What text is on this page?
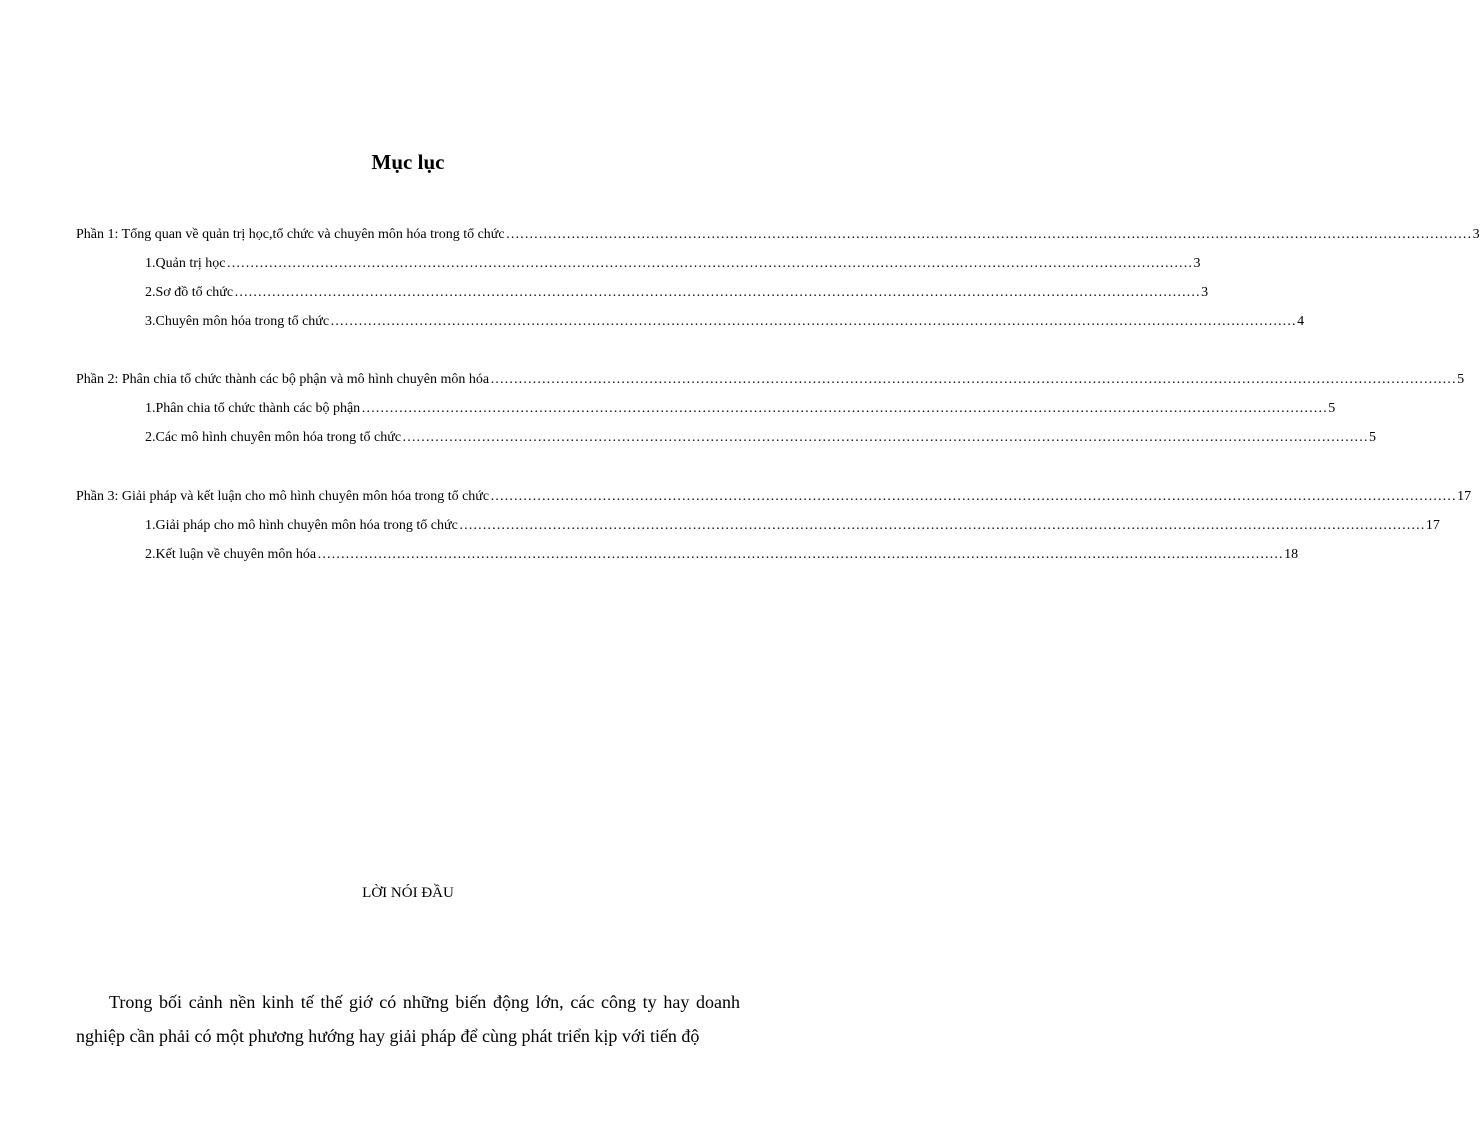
Mục lục
Phần 1: Tổng quan về quản trị học,tổ chức và chuyên môn hóa trong tổ chức ……………………………………………………………………………………………………………………………………………………………………………………… 3
1.Quản trị học ……………………………………………………………………………………………………………………………………………………………………………………… 3
2.Sơ đồ tổ chức ……………………………………………………………………………………………………………………………………………………………………………………… 3
3.Chuyên môn hóa trong tổ chức ……………………………………………………………………………………………………………………………………………………………………………………… 4
Phần 2: Phân chia tổ chức thành các bộ phận và mô hình chuyên môn hóa ……………………………………………………………………………………………………………………………………………………………………………………… 5
1.Phân chia tổ chức thành các bộ phận ……………………………………………………………………………………………………………………………………………………………………………………… 5
2.Các mô hình chuyên môn hóa trong tổ chức ……………………………………………………………………………………………………………………………………………………………………………………… 5
Phần 3: Giải pháp và kết luận cho mô hình chuyên môn hóa trong tổ chức ……………………………………………………………………………………………………………………………………………………………………………………… 17
1.Giải pháp cho mô hình chuyên môn hóa trong tổ chức ……………………………………………………………………………………………………………………………………………………………………………………… 17
2.Kết luận về chuyên môn hóa ……………………………………………………………………………………………………………………………………………………………………………………… 18
LỜI NÓI ĐẦU
Trong bối cảnh nền kinh tế thế giớ có những biến động lớn, các công ty hay doanh nghiệp cần phải có một phương hướng hay giải pháp để cùng phát triển kịp với tiến độ
